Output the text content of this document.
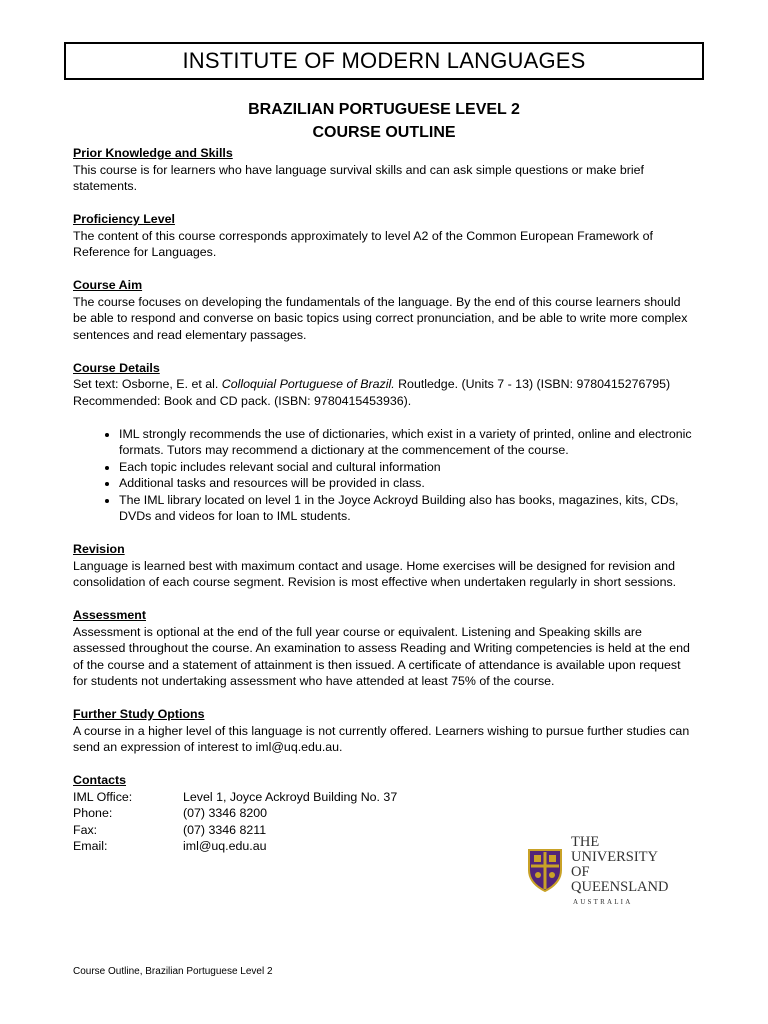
INSTITUTE OF MODERN LANGUAGES
BRAZILIAN PORTUGUESE LEVEL 2
COURSE OUTLINE

Prior Knowledge and Skills

This course is for learners who have language survival skills and can ask simple questions or make brief statements.

Proficiency Level

The content of this course corresponds approximately to level A2 of the Common European Framework of Reference for Languages.

Course Aim

The course focuses on developing the fundamentals of the language. By the end of this course learners should be able to respond and converse on basic topics using correct pronunciation, and be able to write more complex sentences and read elementary passages.

Course Details

Set text: Osborne, E. et al. Colloquial Portuguese of Brazil. Routledge. (Units 7 - 13) (ISBN: 9780415276795)

Recommended: Book and CD pack. (ISBN: 9780415453936).

• IML strongly recommends the use of dictionaries, which exist in a variety of printed, online and electronic formats. Tutors may recommend a dictionary at the commencement of the course.
• Each topic includes relevant social and cultural information
• Additional tasks and resources will be provided in class.
• The IML library located on level 1 in the Joyce Ackroyd Building also has books, magazines, kits, CDs, DVDs and videos for loan to IML students.

Revision

Language is learned best with maximum contact and usage. Home exercises will be designed for revision and consolidation of each course segment. Revision is most effective when undertaken regularly in short sessions.

Assessment

Assessment is optional at the end of the full year course or equivalent. Listening and Speaking skills are assessed throughout the course. An examination to assess Reading and Writing competencies is held at the end of the course and a statement of attainment is then issued. A certificate of attendance is available upon request for students not undertaking assessment who have attended at least 75% of the course.

Further Study Options

A course in a higher level of this language is not currently offered. Learners wishing to pursue further studies can send an expression of interest to iml@uq.edu.au.

Contacts

IML Office:	Level 1, Joyce Ackroyd Building No. 37
Phone:	(07) 3346 8200
Fax:	(07) 3346 8211
Email:	iml@uq.edu.au	THE UNIVERSITY
OF QUEENSLAND
AUSTRALIA
Course Outline, Brazilian Portuguese Level 2
